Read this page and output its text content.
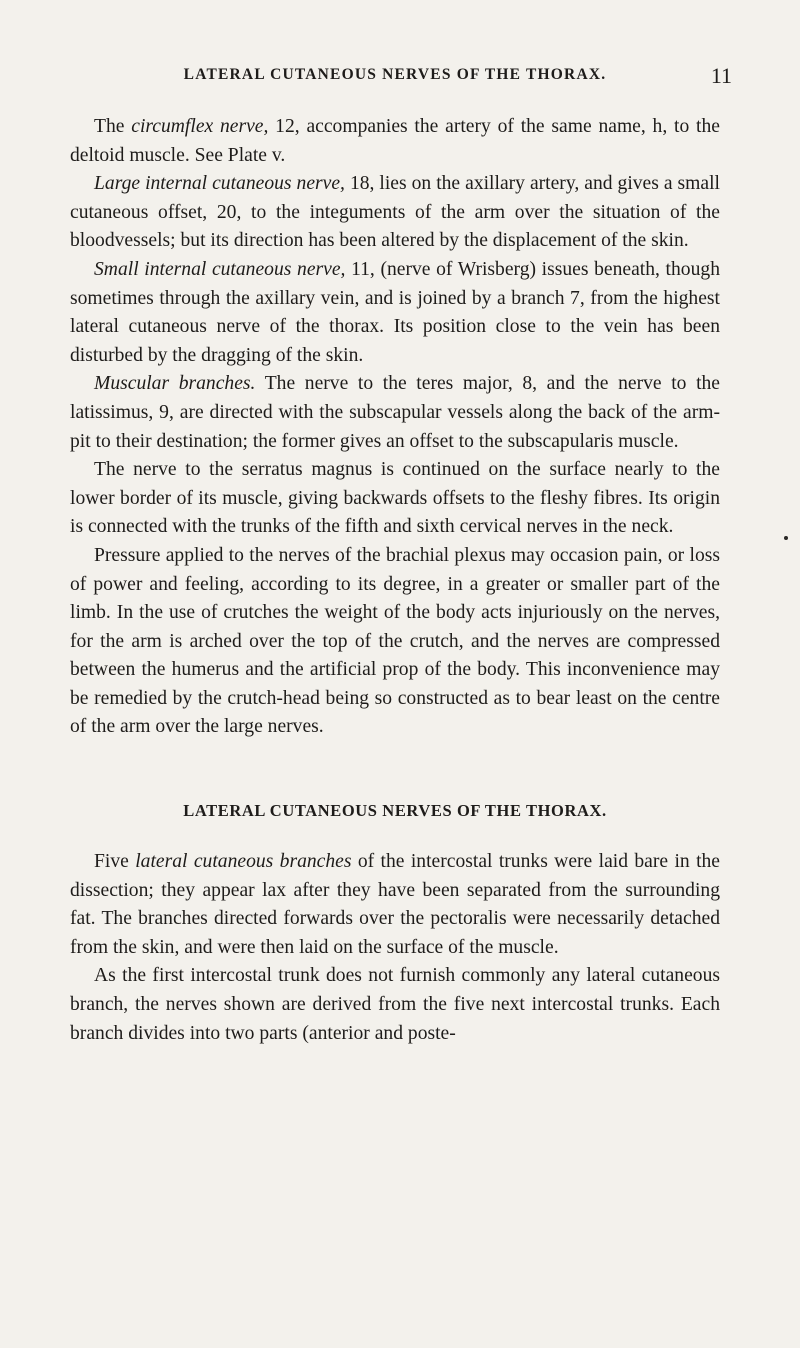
LATERAL CUTANEOUS NERVES OF THE THORAX.	11

The circumflex nerve, 12, accompanies the artery of the same name, h, to the deltoid muscle. See Plate v.

Large internal cutaneous nerve, 18, lies on the axillary artery, and gives a small cutaneous offset, 20, to the integuments of the arm over the situation of the bloodvessels; but its direction has been altered by the displacement of the skin.

Small internal cutaneous nerve, 11, (nerve of Wrisberg) issues beneath, though sometimes through the axillary vein, and is joined by a branch 7, from the highest lateral cutaneous nerve of the thorax. Its position close to the vein has been disturbed by the dragging of the skin.

Muscular branches. The nerve to the teres major, 8, and the nerve to the latissimus, 9, are directed with the subscapular vessels along the back of the arm-pit to their destination; the former gives an offset to the subscapularis muscle.

The nerve to the serratus magnus is continued on the surface nearly to the lower border of its muscle, giving backwards offsets to the fleshy fibres. Its origin is connected with the trunks of the fifth and sixth cervical nerves in the neck.

Pressure applied to the nerves of the brachial plexus may occasion pain, or loss of power and feeling, according to its degree, in a greater or smaller part of the limb. In the use of crutches the weight of the body acts injuriously on the nerves, for the arm is arched over the top of the crutch, and the nerves are compressed between the humerus and the artificial prop of the body. This inconvenience may be remedied by the crutch-head being so constructed as to bear least on the centre of the arm over the large nerves.

LATERAL CUTANEOUS NERVES OF THE THORAX.

Five lateral cutaneous branches of the intercostal trunks were laid bare in the dissection; they appear lax after they have been separated from the surrounding fat. The branches directed forwards over the pectoralis were necessarily detached from the skin, and were then laid on the surface of the muscle.

As the first intercostal trunk does not furnish commonly any lateral cutaneous branch, the nerves shown are derived from the five next intercostal trunks. Each branch divides into two parts (anterior and poste-
